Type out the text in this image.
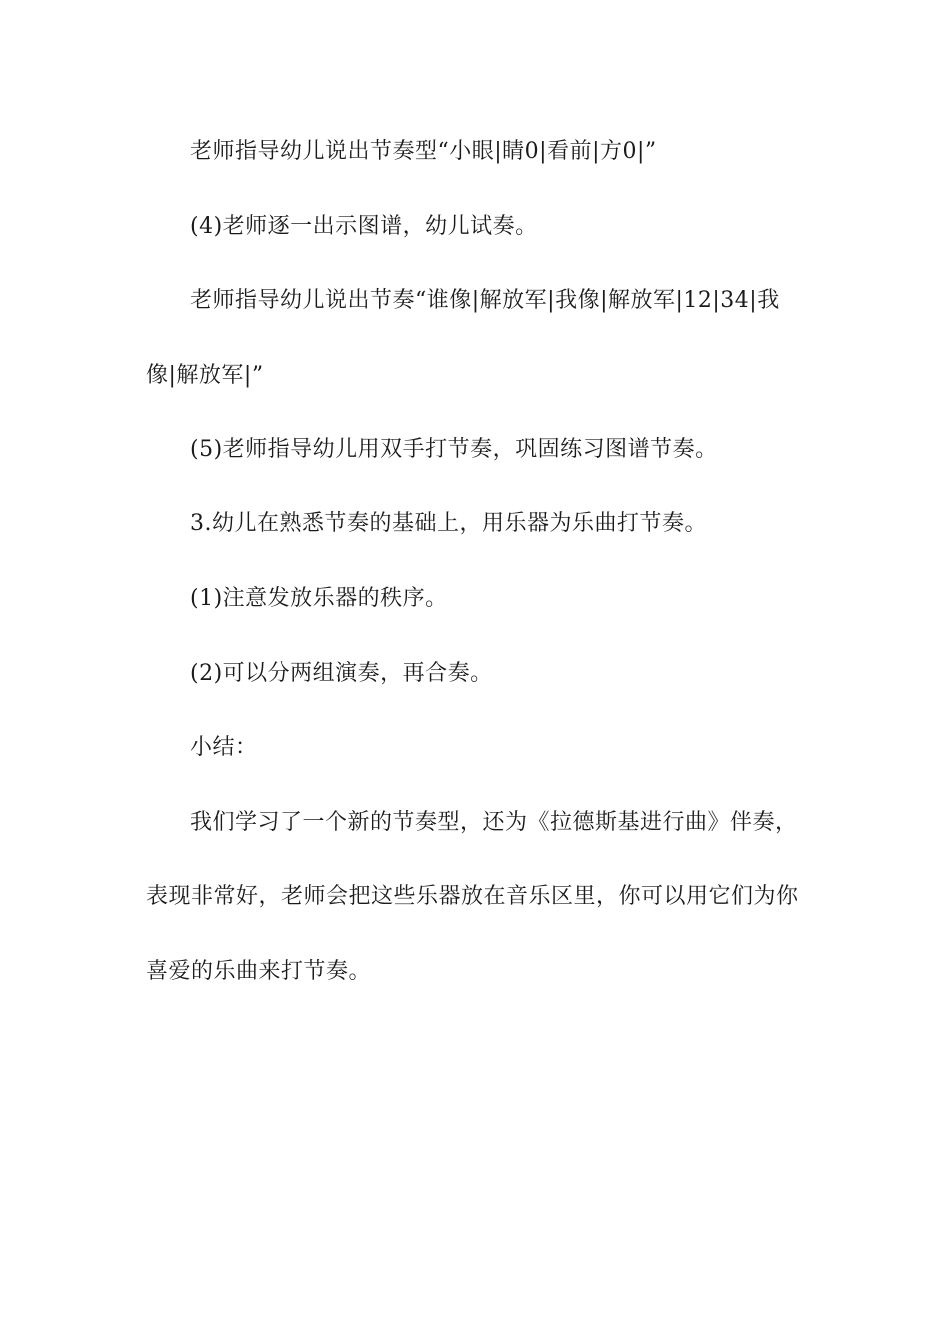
老师指导幼儿说出节奏型“小眼|睛0|看前|方0|”
(4)老师逐一出示图谱，幼儿试奏。
老师指导幼儿说出节奏“谁像|解放军|我像|解放军|12|34|我
像|解放军|”
(5)老师指导幼儿用双手打节奏，巩固练习图谱节奏。
3.幼儿在熟悉节奏的基础上，用乐器为乐曲打节奏。
(1)注意发放乐器的秩序。
(2)可以分两组演奏，再合奏。
小结：
我们学习了一个新的节奏型，还为《拉德斯基进行曲》伴奏，
表现非常好，老师会把这些乐器放在音乐区里，你可以用它们为你
喜爱的乐曲来打节奏。
